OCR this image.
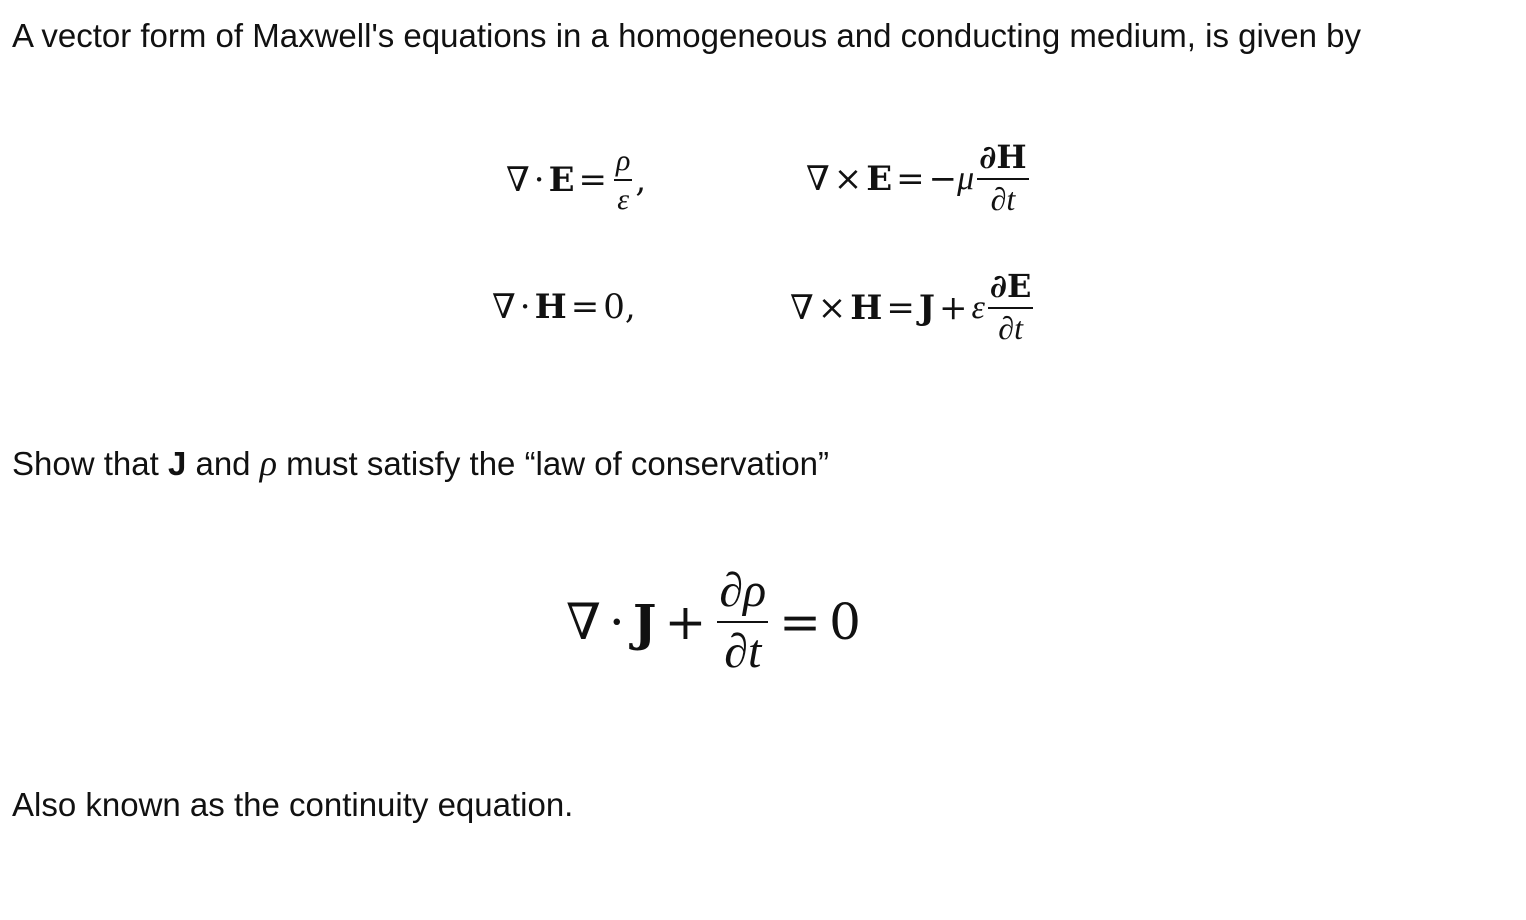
A vector form of Maxwell's equations in a homogeneous and conducting medium, is given by

∇ · $E = \frac{\rho}{\varepsilon}$ ,	∇ × E = − μ $\frac{\partial H}{\partial t}$
∇ · H = 0,	∇ × H = J + ε $\frac{\partial E}{\partial t}$

Show that J and ρ must satisfy the “law of conservation”

∇ · $J + \frac{\partial\rho}{\partial t} = 0$

Also known as the continuity equation.
